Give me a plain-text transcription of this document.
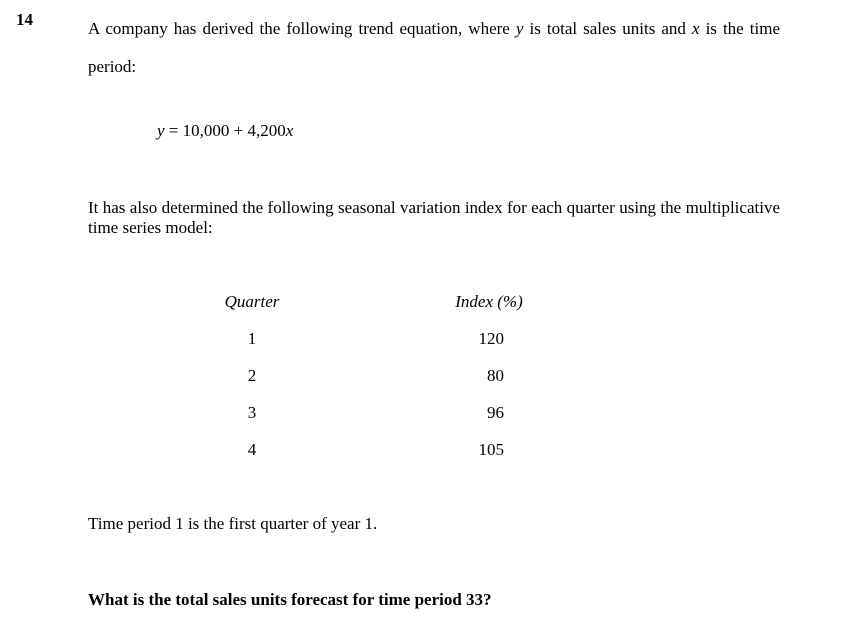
14	A company has derived the following trend equation, where y is total sales units and x is the time period:
y = 10,000 + 4,200x
It has also determined the following seasonal variation index for each quarter using the multiplicative time series model:
Quarter	Index (%)
1	120
2	80
3	96
4	105
Time period 1 is the first quarter of year 1.
What is the total sales units forecast for time period 33?
